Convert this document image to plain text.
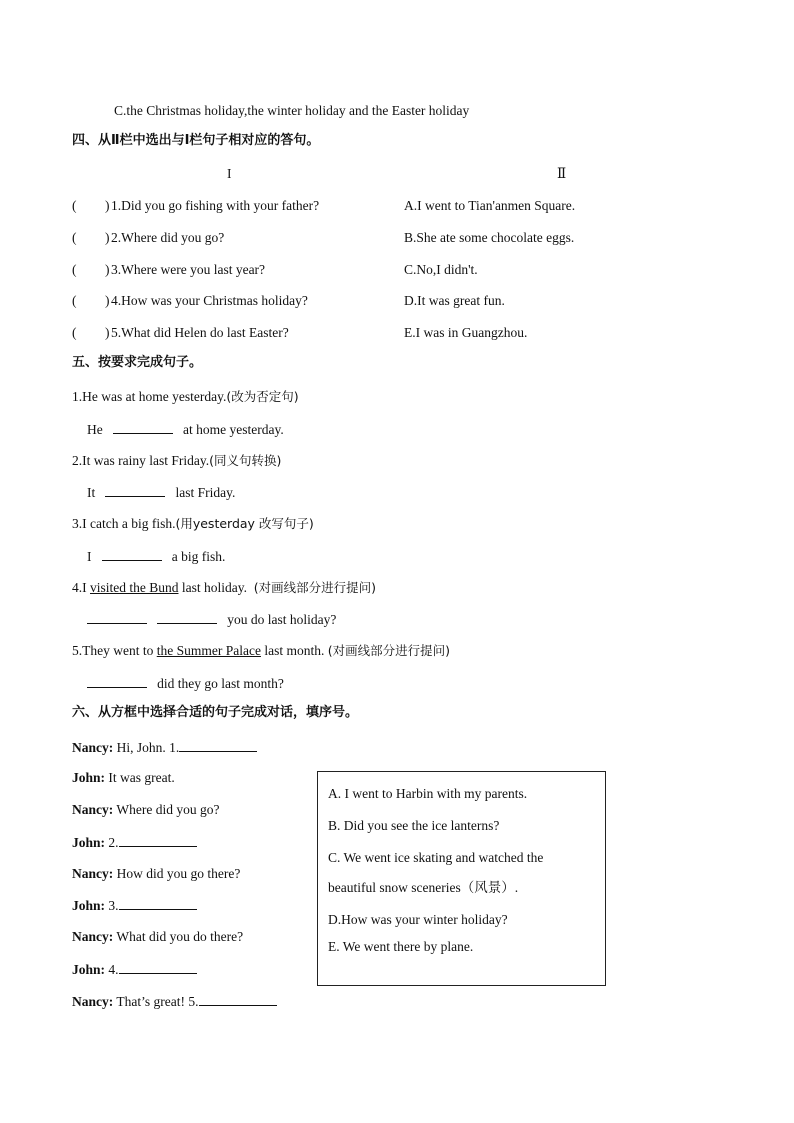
C.the Christmas holiday,the winter holiday and the Easter holiday
四、从Ⅱ栏中选出与Ⅰ栏句子相对应的答句。
I	Ⅱ
( ) 1.Did you go fishing with your father?	A.I went to Tian'anmen Square.
( ) 2.Where did you go?	B.She ate some chocolate eggs.
( ) 3.Where were you last year?	C.No,I didn't.
( ) 4.How was your Christmas holiday?	D.It was great fun.
( ) 5.What did Helen do last Easter?	E.I was in Guangzhou.
五、按要求完成句子。
1.He was at home yesterday.(改为否定句)
He	at home yesterday.
2.It was rainy last Friday.(同义句转换)
It	last Friday.
3.I catch a big fish.(用yesterday 改写句子)
I	a big fish.
4.I visited the Bund last holiday. (对画线部分进行提问)
you do last holiday?
5.They went to the Summer Palace last month. (对画线部分进行提问)
did they go last month?
六、从方框中选择合适的句子完成对话，填序号。
Nancy: Hi, John. 1.
John: It was great.
Nancy: Where did you go?
John: 2.
Nancy: How did you go there?
John: 3.
Nancy: What did you do there?
John: 4.
Nancy: That’s great! 5.
A. I went to Harbin with my parents.
B. Did you see the ice lanterns?
C. We went ice skating and watched the
beautiful snow sceneries（风景）.
D.How was your winter holiday?
E. We went there by plane.
